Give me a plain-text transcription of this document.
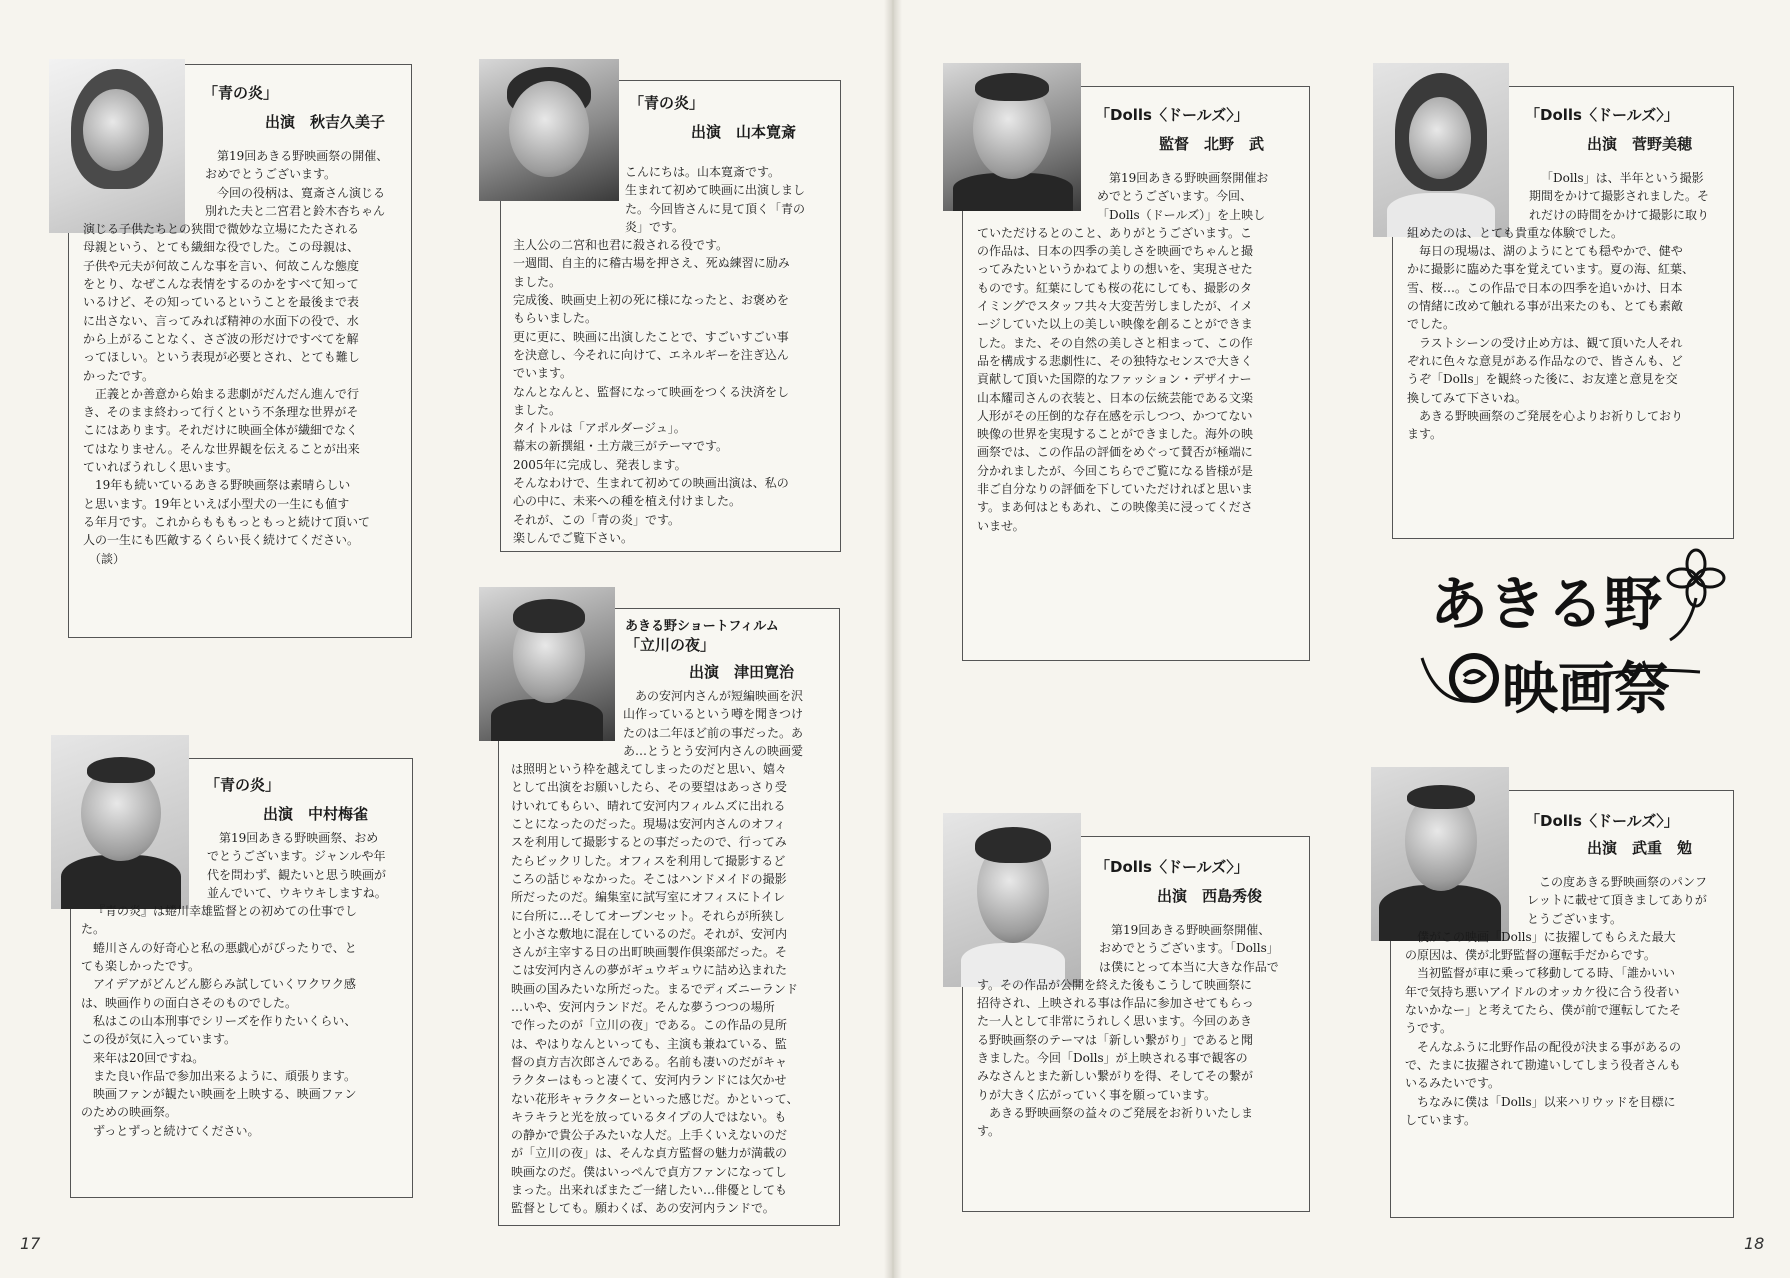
「青の炎」
出演　秋吉久美子

第19回あきる野映画祭の開催、

おめでとうございます。

今回の役柄は、寛斎さん演じる

別れた夫と二宮君と鈴木杏ちゃん

演じる子供たちとの狭間で微妙な立場にたたされる

母親という、とても繊細な役でした。この母親は、

子供や元夫が何故こんな事を言い、何故こんな態度

をとり、なぜこんな表情をするのかをすべて知って

いるけど、その知っているということを最後まで表

に出さない、言ってみれば精神の水面下の役で、水

から上がることなく、さざ波の形だけですべてを解

ってほしい。という表現が必要とされ、とても難し

かったです。

正義とか善意から始まる悲劇がだんだん進んで行

き、そのまま終わって行くという不条理な世界がそ

こにはあります。それだけに映画全体が繊細でなく

てはなりません。そんな世界観を伝えることが出来

ていればうれしく思います。

19年も続いているあきる野映画祭は素晴らしい

と思います。19年といえば小型犬の一生にも値す

る年月です。これからもももっともっと続けて頂いて

人の一生にも匹敵するくらい長く続けてください。

（談）

「青の炎」
出演　山本寛斎

こんにちは。山本寛斎です。

生まれて初めて映画に出演しまし

た。今回皆さんに見て頂く「青の

炎」です。

主人公の二宮和也君に殺される役です。

一週間、自主的に稽古場を押さえ、死ぬ練習に励み

ました。

完成後、映画史上初の死に様になったと、お褒めを

もらいました。

更に更に、映画に出演したことで、すごいすごい事

を決意し、今それに向けて、エネルギーを注ぎ込ん

でいます。

なんとなんと、監督になって映画をつくる決済をし

ました。

タイトルは「アポルダージュ」。

幕末の新撰組・土方歳三がテーマです。

2005年に完成し、発表します。

そんなわけで、生まれて初めての映画出演は、私の

心の中に、未来への種を植え付けました。

それが、この「青の炎」です。

楽しんでご覧下さい。

「青の炎」
出演　中村梅雀

第19回あきる野映画祭、おめ

でとうございます。ジャンルや年

代を問わず、観たいと思う映画が

並んでいて、ウキウキしますね。

『青の炎』は蜷川幸雄監督との初めての仕事でし

た。

蜷川さんの好奇心と私の悪戯心がぴったりで、と

ても楽しかったです。

アイデアがどんどん膨らみ試していくワクワク感

は、映画作りの面白さそのものでした。

私はこの山本刑事でシリーズを作りたいくらい、

この役が気に入っています。

来年は20回ですね。

また良い作品で参加出来るように、頑張ります。

映画ファンが観たい映画を上映する、映画ファン

のための映画祭。

ずっとずっと続けてください。

あきる野ショートフィルム
「立川の夜」
出演　津田寛治

あの安河内さんが短編映画を沢

山作っているという噂を聞きつけ

たのは二年ほど前の事だった。あ

あ…とうとう安河内さんの映画愛

は照明という枠を越えてしまったのだと思い、嬉々

として出演をお願いしたら、その要望はあっさり受

けいれてもらい、晴れて安河内フィルムズに出れる

ことになったのだった。現場は安河内さんのオフィ

スを利用して撮影するとの事だったので、行ってみ

たらビックリした。オフィスを利用して撮影するど

ころの話じゃなかった。そこはハンドメイドの撮影

所だったのだ。編集室に試写室にオフィスにトイレ

に台所に…そしてオープンセット。それらが所狭し

と小さな敷地に混在しているのだ。それが、安河内

さんが主宰する日の出町映画製作倶楽部だった。そ

こは安河内さんの夢がギュウギュウに詰め込まれた

映画の国みたいな所だった。まるでディズニーランド

…いや、安河内ランドだ。そんな夢うつつの場所

で作ったのが「立川の夜」である。この作品の見所

は、やはりなんといっても、主演も兼ねている、監

督の貞方吉次郎さんである。名前も凄いのだがキャ

ラクターはもっと凄くて、安河内ランドには欠かせ

ない花形キャラクターといった感じだ。かといって、

キラキラと光を放っているタイプの人ではない。も

の静かで貴公子みたいな人だ。上手くいえないのだ

が「立川の夜」は、そんな貞方監督の魅力が満載の

映画なのだ。僕はいっぺんで貞方ファンになってし

まった。出来ればまたご一緒したい…俳優としても

監督としても。願わくば、あの安河内ランドで。

「Dolls〈ドールズ〉」
監督　北野　武

第19回あきる野映画祭開催お

めでとうございます。今回、

「Dolls（ドールズ）」を上映し

ていただけるとのこと、ありがとうございます。こ

の作品は、日本の四季の美しさを映画でちゃんと撮

ってみたいというかねてよりの想いを、実現させた

ものです。紅葉にしても桜の花にしても、撮影のタ

イミングでスタッフ共々大変苦労しましたが、イメ

ージしていた以上の美しい映像を創ることができま

した。また、その自然の美しさと相まって、この作

品を構成する悲劇性に、その独特なセンスで大きく

貢献して頂いた国際的なファッション・デザイナー

山本耀司さんの衣装と、日本の伝統芸能である文楽

人形がその圧倒的な存在感を示しつつ、かつてない

映像の世界を実現することができました。海外の映

画祭では、この作品の評価をめぐって賛否が極端に

分かれましたが、今回こちらでご覧になる皆様が是

非ご自分なりの評価を下していただければと思いま

す。まあ何はともあれ、この映像美に浸ってくださ

いませ。

「Dolls〈ドールズ〉」
出演　菅野美穂

「Dolls」は、半年という撮影

期間をかけて撮影されました。そ

れだけの時間をかけて撮影に取り

組めたのは、とても貴重な体験でした。

毎日の現場は、湖のようにとても穏やかで、健や

かに撮影に臨めた事を覚えています。夏の海、紅葉、

雪、桜…。この作品で日本の四季を追いかけ、日本

の情緒に改めて触れる事が出来たのも、とても素敵

でした。

ラストシーンの受け止め方は、観て頂いた人それ

ぞれに色々な意見がある作品なので、皆さんも、ど

うぞ「Dolls」を観終った後に、お友達と意見を交

換してみて下さいね。

あきる野映画祭のご発展を心よりお祈りしており

ます。

あきる野
映画祭
「Dolls〈ドールズ〉」
出演　西島秀俊

第19回あきる野映画祭開催、

おめでとうございます。「Dolls」

は僕にとって本当に大きな作品で

す。その作品が公開を終えた後もこうして映画祭に

招待され、上映される事は作品に参加させてもらっ

た一人として非常にうれしく思います。今回のあき

る野映画祭のテーマは「新しい繋がり」であると聞

きました。今回「Dolls」が上映される事で観客の

みなさんとまた新しい繋がりを得、そしてその繋が

りが大きく広がっていく事を願っています。

あきる野映画祭の益々のご発展をお祈りいたしま

す。

「Dolls〈ドールズ〉」
出演　武重　勉

この度あきる野映画祭のパンフ

レットに載せて頂きましてありが

とうございます。

僕がこの映画「Dolls」に抜擢してもらえた最大

の原因は、僕が北野監督の運転手だからです。

当初監督が車に乗って移動してる時、「誰かいい

年で気持ち悪いアイドルのオッカケ役に合う役者い

ないかなー」と考えてたら、僕が前で運転してたそ

うです。

そんなふうに北野作品の配役が決まる事があるの

で、たまに抜擢されて勘違いしてしまう役者さんも

いるみたいです。

ちなみに僕は「Dolls」以来ハリウッドを目標に

しています。

17	18
